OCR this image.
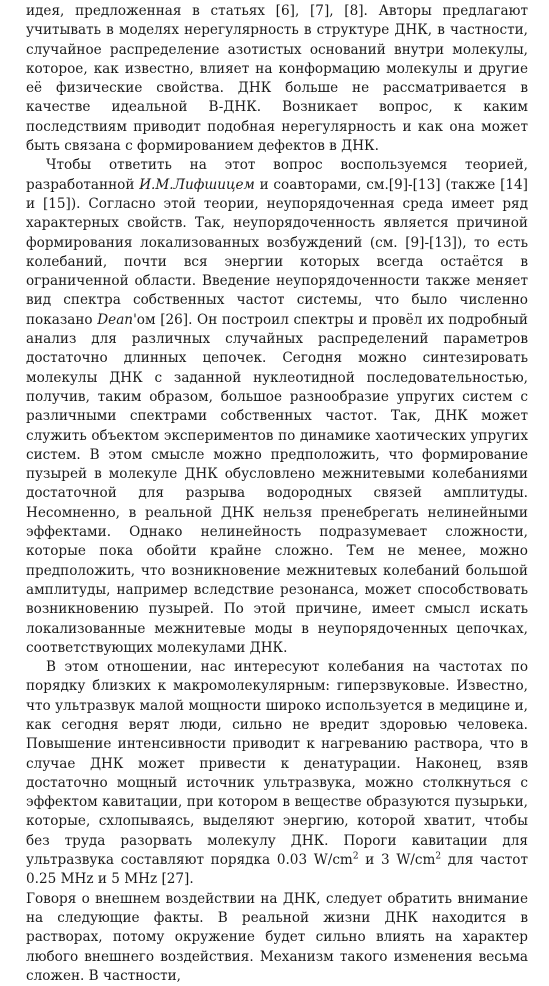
идея, предложенная в статьях [6], [7], [8]. Авторы предлагают учитывать в моделях нерегулярность в структуре ДНК, в частности, случайное распределение азотистых оснований внутри молекулы, которое, как известно, влияет на конформацию молекулы и другие её физические свойства. ДНК больше не рассматривается в качестве идеальной B-ДНК. Возникает вопрос, к каким последствиям приводит подобная нерегулярность и как она может быть связана с формированием дефектов в ДНК.

Чтобы ответить на этот вопрос воспользуемся теорией, разработанной И.М.Лифшицем и соавторами, см.[9]-[13] (также [14] и [15]). Согласно этой теории, неупорядоченная среда имеет ряд характерных свойств. Так, неупорядоченность является причиной формирования локализованных возбуждений (см. [9]-[13]), то есть колебаний, почти вся энергии которых всегда остаётся в ограниченной области. Введение неупорядоченности также меняет вид спектра собственных частот системы, что было численно показано Dean'ом [26]. Он построил спектры и провёл их подробный анализ для различных случайных распределений параметров достаточно длинных цепочек. Сегодня можно синтезировать молекулы ДНК с заданной нуклеотидной последовательностью, получив, таким образом, большое разнообразие упругих систем с различными спектрами собственных частот. Так, ДНК может служить объектом экспериментов по динамике хаотических упругих систем. В этом смысле можно предположить, что формирование пузырей в молекуле ДНК обусловлено межнитевыми колебаниями достаточной для разрыва водородных связей амплитуды. Несомненно, в реальной ДНК нельзя пренебрегать нелинейными эффектами. Однако нелинейность подразумевает сложности, которые пока обойти крайне сложно. Тем не менее, можно предположить, что возникновение межнитевых колебаний большой амплитуды, например вследствие резонанса, может способствовать возникновению пузырей. По этой причине, имеет смысл искать локализованные межнитевые моды в неупорядоченных цепочках, соответствующих молекулами ДНК.

В этом отношении, нас интересуют колебания на частотах по порядку близких к макромолекулярным: гиперзвуковые. Известно, что ультразвук малой мощности широко используется в медицине и, как сегодня верят люди, сильно не вредит здоровью человека. Повышение интенсивности приводит к нагреванию раствора, что в случае ДНК может привести к денатурации. Наконец, взяв достаточно мощный источник ультразвука, можно столкнуться с эффектом кавитации, при котором в веществе образуются пузырьки, которые, схлопываясь, выделяют энергию, которой хватит, чтобы без труда разорвать молекулу ДНК. Пороги кавитации для ультразвука составляют порядка 0.03 $W/cm^2$ и 3 $W/cm^2$ для частот 0.25 MHz и 5 MHz [27].

Говоря о внешнем воздействии на ДНК, следует обратить внимание на следующие факты. В реальной жизни ДНК находится в растворах, потому окружение будет сильно влиять на характер любого внешнего воздействия. Механизм такого изменения весьма сложен. В частности,
